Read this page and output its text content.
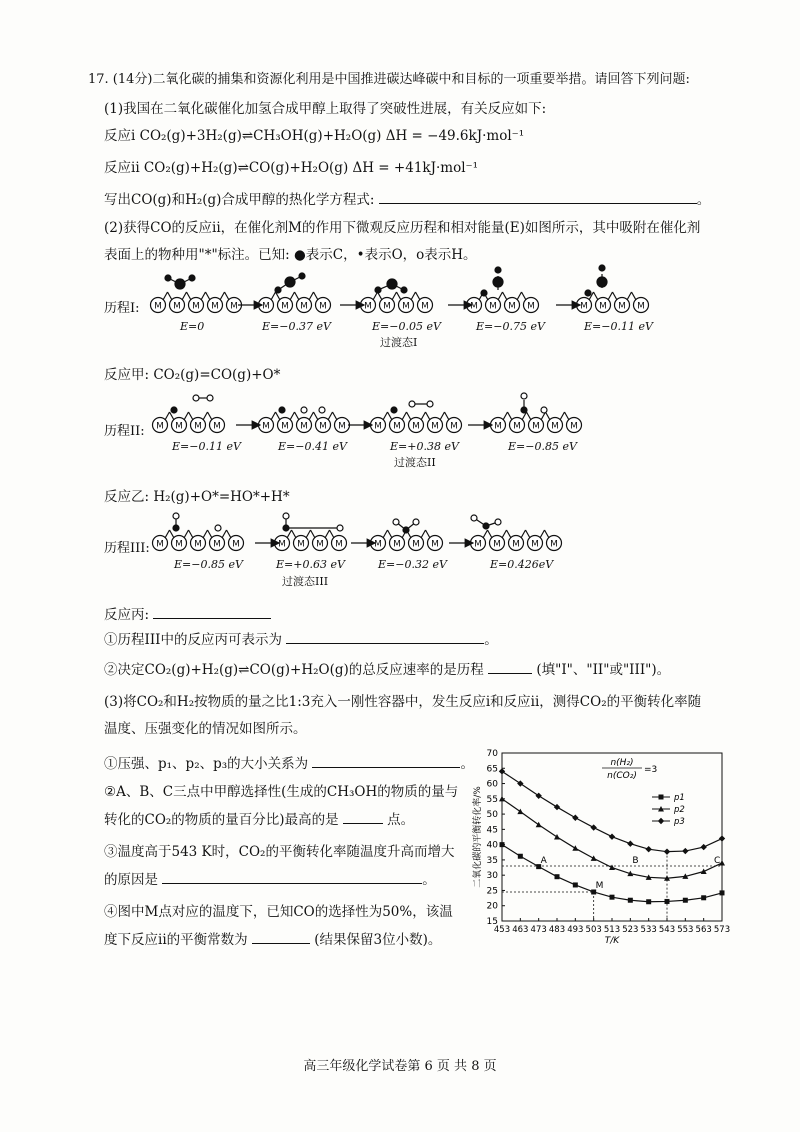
17. (14分)二氧化碳的捕集和资源化利用是中国推进碳达峰碳中和目标的一项重要举措。请回答下列问题:
(1)我国在二氧化碳催化加氢合成甲醇上取得了突破性进展，有关反应如下:
反应i CO₂(g)+3H₂(g)⇌CH₃OH(g)+H₂O(g) ΔH = −49.6kJ·mol⁻¹
反应ii CO₂(g)+H₂(g)⇌CO(g)+H₂O(g) ΔH = +41kJ·mol⁻¹
写出CO(g)和H₂(g)合成甲醇的热化学方程式:	。
(2)获得CO的反应ii，在催化剂M的作用下微观反应历程和相对能量(E)如图所示，其中吸附在催化剂
表面上的物种用"*"标注。已知: ●表示C，•表示O，o表示H。
M M M M M	M M M M	M M M M	M M M M	M M M M
M M M M	M M M M M	M M M M M	M M M M M
M M M M M	M M M M	M M M M	M M M M M
历程I:
E=0	E=−0.37 eV	E=−0.05 eV
过渡态I
E=−0.75 eV	E=−0.11 eV
反应甲: CO₂(g)=CO(g)+O*
历程II:
E=−0.11 eV	E=−0.41 eV	E=+0.38 eV
过渡态II
E=−0.85 eV
反应乙: H₂(g)+O*=HO*+H*
历程III:
E=−0.85 eV	E=+0.63 eV
过渡态III
E=−0.32 eV	E=0.426eV
反应丙:
①历程III中的反应丙可表示为	。
②决定CO₂(g)+H₂(g)⇌CO(g)+H₂O(g)的总反应速率的是历程	(填"I"、"II"或"III")。
(3)将CO₂和H₂按物质的量之比1:3充入一刚性容器中，发生反应i和反应ii，测得CO₂的平衡转化率随
温度、压强变化的情况如图所示。
①压强、p₁、p₂、p₃的大小关系为	。
②A、B、C三点中甲醇选择性(生成的CH₃OH的物质的量与
转化的CO₂的物质的量百分比)最高的是	点。
③温度高于543 K时，CO₂的平衡转化率随温度升高而增大
的原因是	。
④图中M点对应的温度下，已知CO的选择性为50%，该温
度下反应ii的平衡常数为	(结果保留3位小数)。
15
20
25
30
35
40
45
50
55
60
65
70
453 463 473 483 493 503 513 523 533 543 553 563 573
T/K
二氧化碳的平衡转化率/%
n(H₂)
n(CO₂)
=3
p1
p2
p3
A	B	C
M
高三年级化学试卷第 6 页 共 8 页
